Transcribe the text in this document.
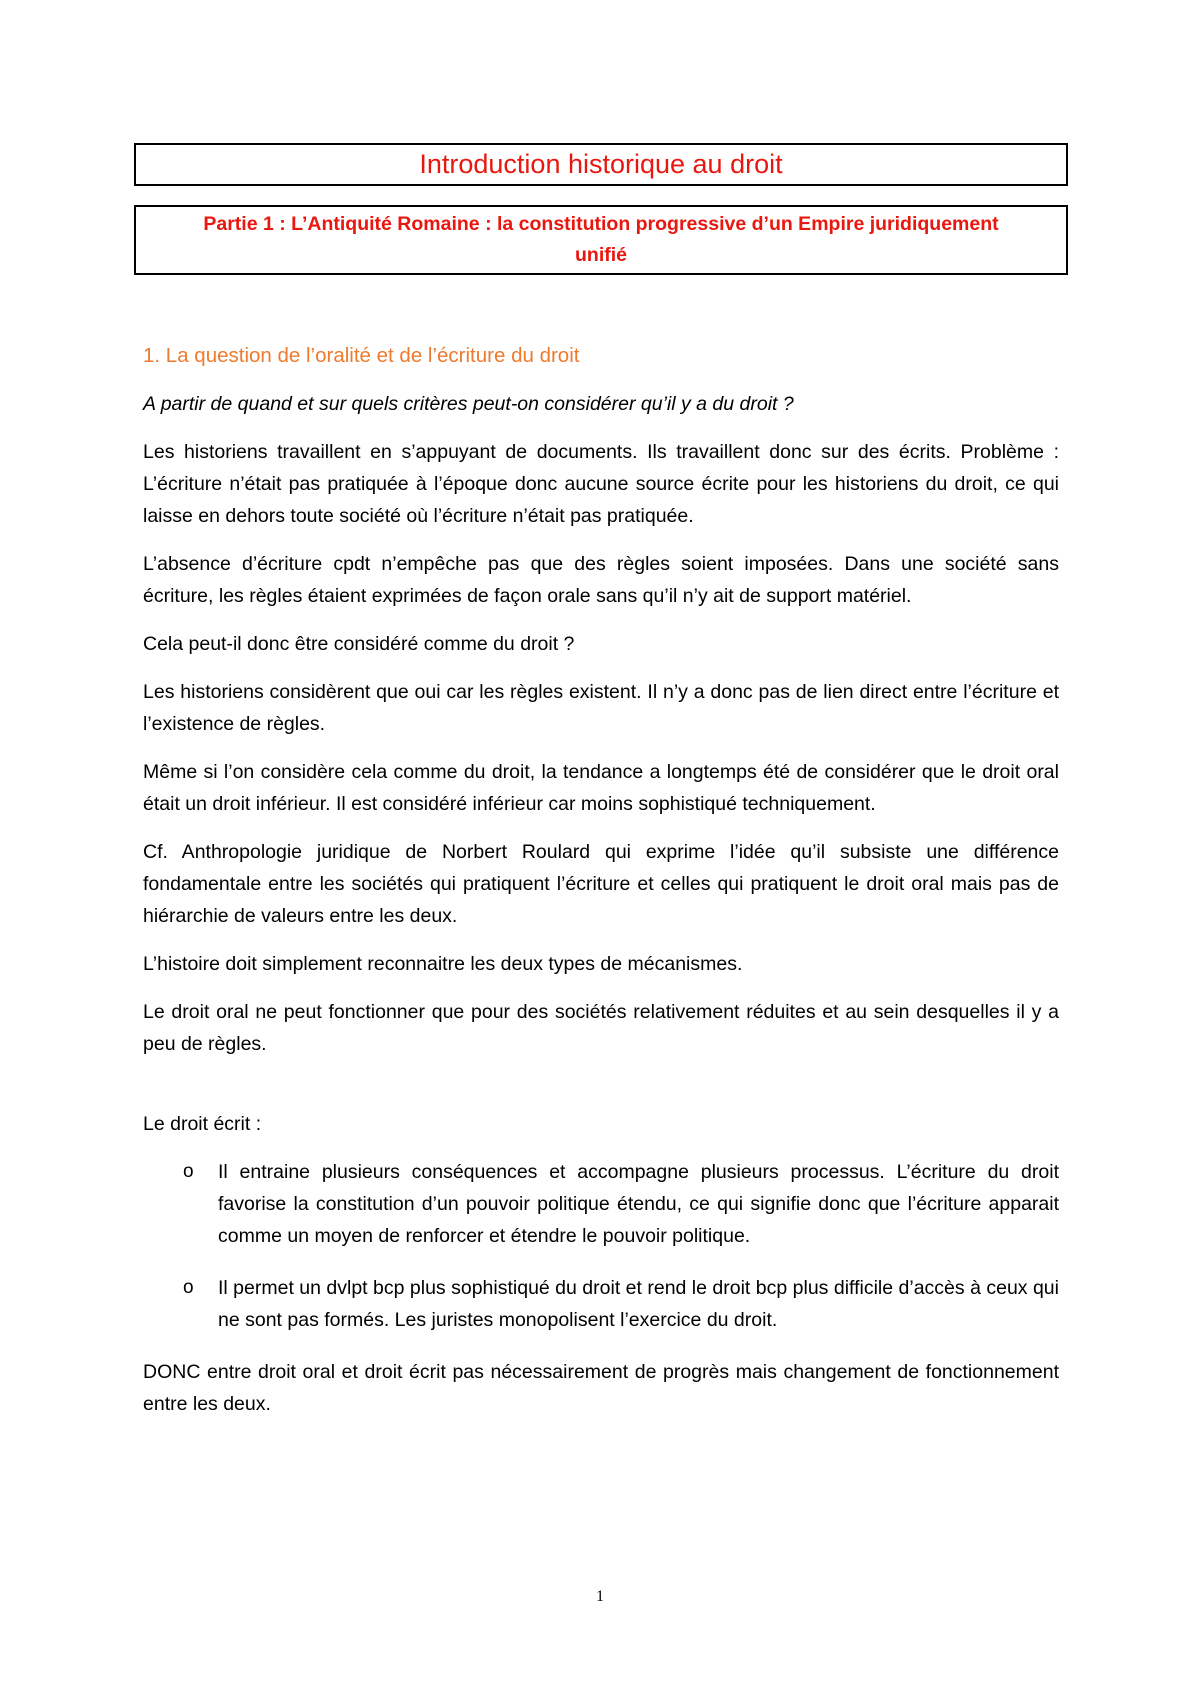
Introduction historique au droit
Partie 1 : L’Antiquité Romaine : la constitution progressive d’un Empire juridiquement unifié
1. La question de l’oralité et de l’écriture du droit

A partir de quand et sur quels critères peut-on considérer qu’il y a du droit ?

Les historiens travaillent en s’appuyant de documents. Ils travaillent donc sur des écrits. Problème : L’écriture n’était pas pratiquée à l’époque donc aucune source écrite pour les historiens du droit, ce qui laisse en dehors toute société où l’écriture n’était pas pratiquée.

L’absence d’écriture cpdt n’empêche pas que des règles soient imposées. Dans une société sans écriture, les règles étaient exprimées de façon orale sans qu’il n’y ait de support matériel.

Cela peut-il donc être considéré comme du droit ?

Les historiens considèrent que oui car les règles existent. Il n’y a donc pas de lien direct entre l’écriture et l’existence de règles.

Même si l’on considère cela comme du droit, la tendance a longtemps été de considérer que le droit oral était un droit inférieur. Il est considéré inférieur car moins sophistiqué techniquement.

Cf. Anthropologie juridique de Norbert Roulard qui exprime l’idée qu’il subsiste une différence fondamentale entre les sociétés qui pratiquent l’écriture et celles qui pratiquent le droit oral mais pas de hiérarchie de valeurs entre les deux.

L’histoire doit simplement reconnaitre les deux types de mécanismes.

Le droit oral ne peut fonctionner que pour des sociétés relativement réduites et au sein desquelles il y a peu de règles.

Le droit écrit :

o Il entraine plusieurs conséquences et accompagne plusieurs processus. L’écriture du droit favorise la constitution d’un pouvoir politique étendu, ce qui signifie donc que l’écriture apparait comme un moyen de renforcer et étendre le pouvoir politique.
o Il permet un dvlpt bcp plus sophistiqué du droit et rend le droit bcp plus difficile d’accès à ceux qui ne sont pas formés. Les juristes monopolisent l’exercice du droit.

DONC entre droit oral et droit écrit pas nécessairement de progrès mais changement de fonctionnement entre les deux.

1
